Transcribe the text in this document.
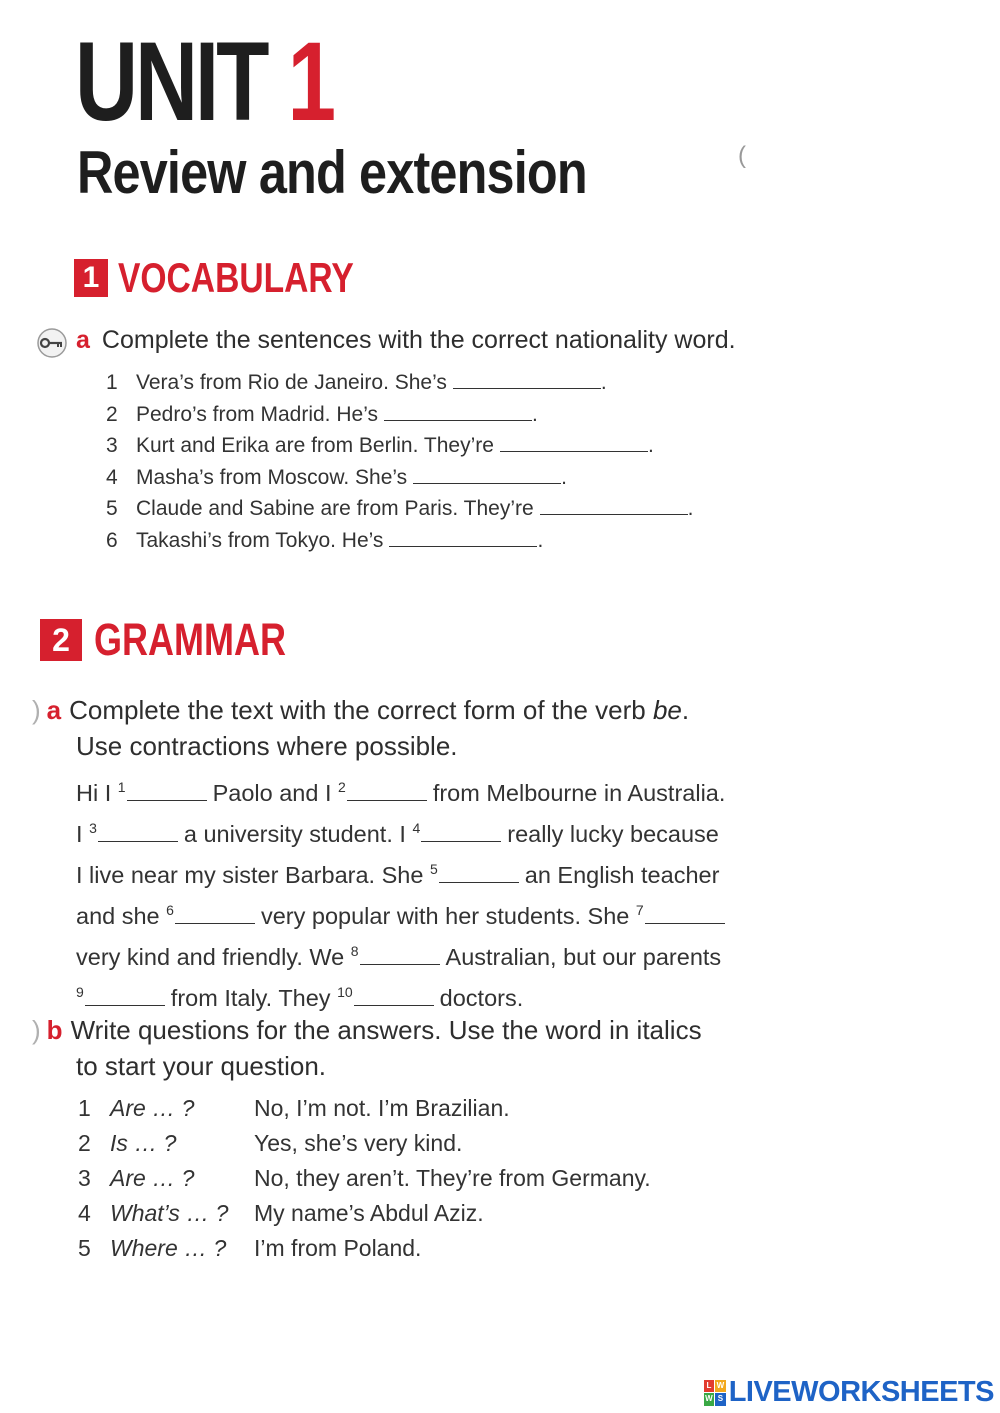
UNIT 1
Review and extension	(
1 VOCABULARY
a Complete the sentences with the correct nationality word.
1 Vera’s from Rio de Janeiro. She’s	.
2 Pedro’s from Madrid. He’s	.
3 Kurt and Erika are from Berlin. They’re	.
4 Masha’s from Moscow. She’s	.
5 Claude and Sabine are from Paris. They’re	.
6 Takashi’s from Tokyo. He’s	.
2 GRAMMAR
) a Complete the text with the correct form of the verb be.
Use contractions where possible.
Hi I $^1$	Paolo and I $^2$	from Melbourne in Australia.
I $^3$	a university student. I $^4$	really lucky because
I live near my sister Barbara. She $^5$	an English teacher
and she $^6$	very popular with her students. She $^7$
very kind and friendly. We $^8$	Australian, but our parents
$^9$	from Italy. They $^{10}$	doctors.
) b Write questions for the answers. Use the word in italics
to start your question.
1 Are … ?	No, I’m not. I’m Brazilian.
2 Is … ?	Yes, she’s very kind.
3 Are … ?	No, they aren’t. They’re from Germany.
4 What’s … ? My name’s Abdul Aziz.
5 Where … ? I’m from Poland.
L W
W S LIVEWORKSHEETS
